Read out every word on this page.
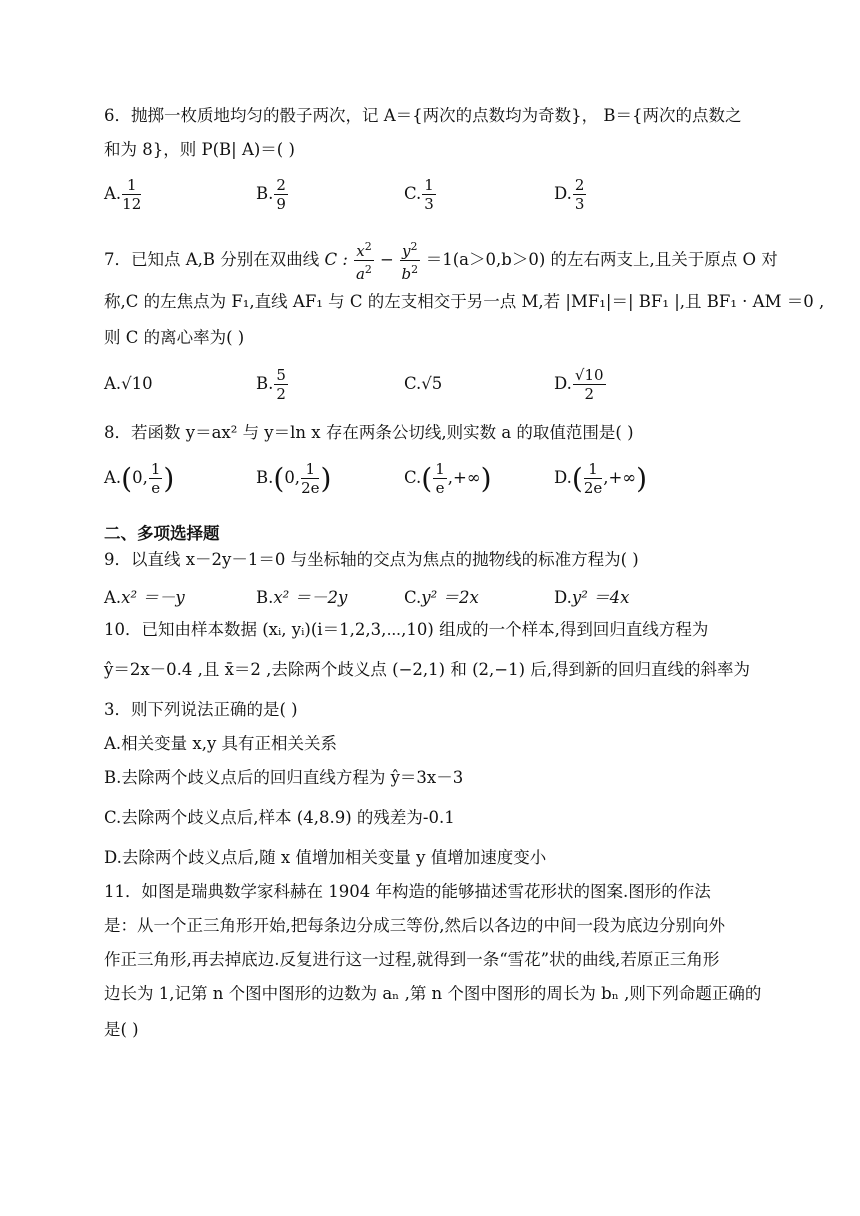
6．抛掷一枚质地均匀的骰子两次，记 A＝{两次的点数均为奇数}， B＝{两次的点数之
和为 8}，则 P(B| A)＝( )
A. $\frac{1}{12}$	B. $\frac{2}{9}$	C. $\frac{1}{3}$	D. $\frac{2}{3}$
7．已知点 A,B 分别在双曲线 C : $\frac{x^2}{a^2} - \frac{y^2}{b^2} =1(a>0,b>0)$ 的左右两支上,且关于原点 O 对
称,C 的左焦点为 F₁,直线 AF₁ 与 C 的左支相交于另一点 M,若 |MF₁|＝| BF₁ |,且 BF₁ · AM ＝0 ,
则 C 的离心率为( )
A.√10	B. $\frac{5}{2}$	C.√5	D. $\frac{√10}{2}$
8．若函数 y＝ax² 与 y＝ln x 存在两条公切线,则实数 a 的取值范围是( )
A.(0, $\frac{1}{e}$ )	B.(0, $\frac{1}{2e}$ )	$C.( \frac{1}{e}$ ,+∞)	$D.( \frac{1}{2e}$ ,+∞)
二、多项选择题
9．以直线 x－2y－1＝0 与坐标轴的交点为焦点的抛物线的标准方程为( )
A.x² ＝－y	B.x² ＝－2y	C.y² ＝2x	D.y² ＝4x
10．已知由样本数据 (xᵢ, yᵢ)(i＝1,2,3,⋯,10) 组成的一个样本,得到回归直线方程为
ŷ＝2x－0.4 ,且 x̄＝2 ,去除两个歧义点 (−2,1) 和 (2,−1) 后,得到新的回归直线的斜率为
3．则下列说法正确的是( )
A.相关变量 x,y 具有正相关关系
B.去除两个歧义点后的回归直线方程为 ŷ＝3x－3
C.去除两个歧义点后,样本 (4,8.9) 的残差为-0.1
D.去除两个歧义点后,随 x 值增加相关变量 y 值增加速度变小
11．如图是瑞典数学家科赫在 1904 年构造的能够描述雪花形状的图案.图形的作法
是：从一个正三角形开始,把每条边分成三等份,然后以各边的中间一段为底边分别向外
作正三角形,再去掉底边.反复进行这一过程,就得到一条“雪花”状的曲线,若原正三角形
边长为 1,记第 n 个图中图形的边数为 aₙ ,第 n 个图中图形的周长为 bₙ ,则下列命题正确的
是( )
